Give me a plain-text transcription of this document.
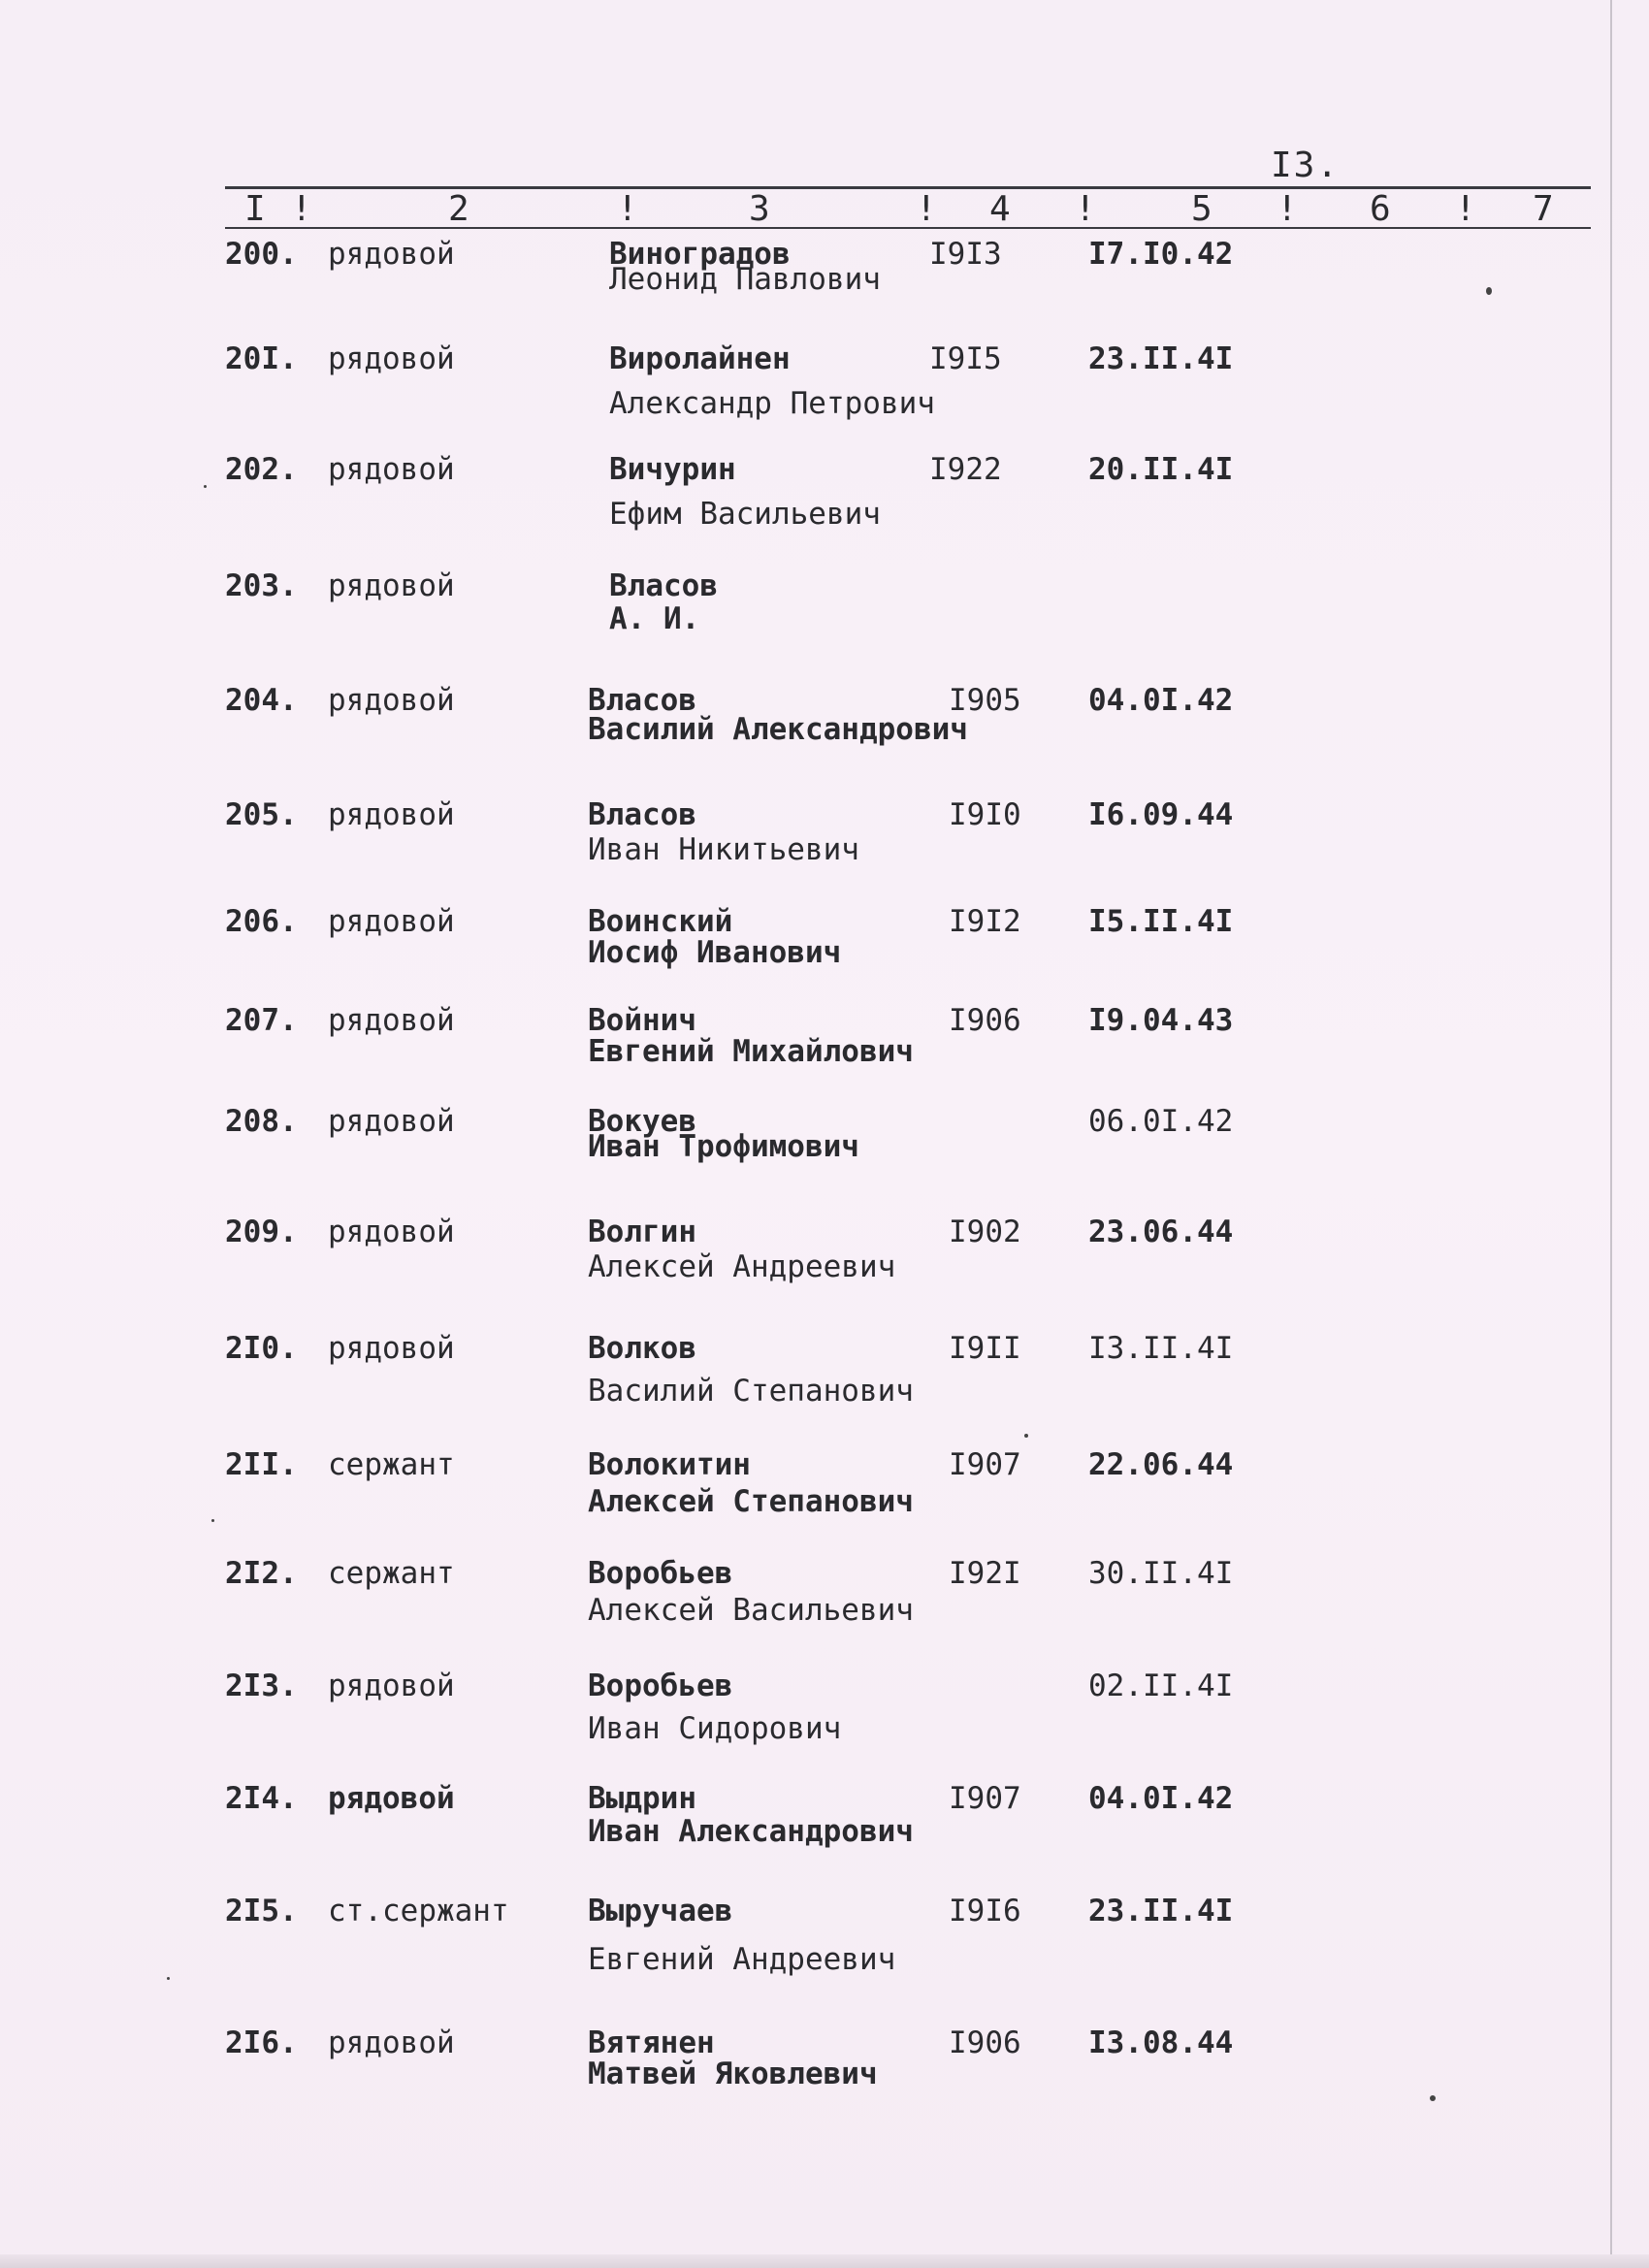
I3.
I !	2	!	3	! 4 !	5 ! 6 ! 7
200. рядовой	Виноградов
Леонид Павлович
I9I3	I7.I0.42
20I. рядовой	Виролайнен
Александр Петрович
I9I5	23.II.4I
202. рядовой	Вичурин
Ефим Васильевич
I922	20.II.4I
203. рядовой	Власов
А. И.
204. рядовой	Власов
Василий Александрович
I905 04.0I.42
205. рядовой	Власов
Иван Никитьевич
I9I0 I6.09.44
206. рядовой	Воинский
Иосиф Иванович
I9I2 I5.II.4I
207. рядовой	Войнич
Евгений Михайлович
I906 I9.04.43
208. рядовой	Вокуев
Иван Трофимович
06.0I.42
209. рядовой	Волгин
Алексей Андреевич
I902 23.06.44
2I0. рядовой	Волков
Василий Степанович
I9II I3.II.4I
2II. сержант	Волокитин
Алексей Степанович
I907 22.06.44
2I2. сержант	Воробьев
Алексей Васильевич
I92I 30.II.4I
2I3. рядовой	Воробьев
Иван Сидорович
02.II.4I
2I4. рядовой	Выдрин
Иван Александрович
I907 04.0I.42
2I5. ст.сержант	Выручаев
Евгений Андреевич
I9I6 23.II.4I
2I6. рядовой	Вятянен
Матвей Яковлевич
I906 I3.08.44
